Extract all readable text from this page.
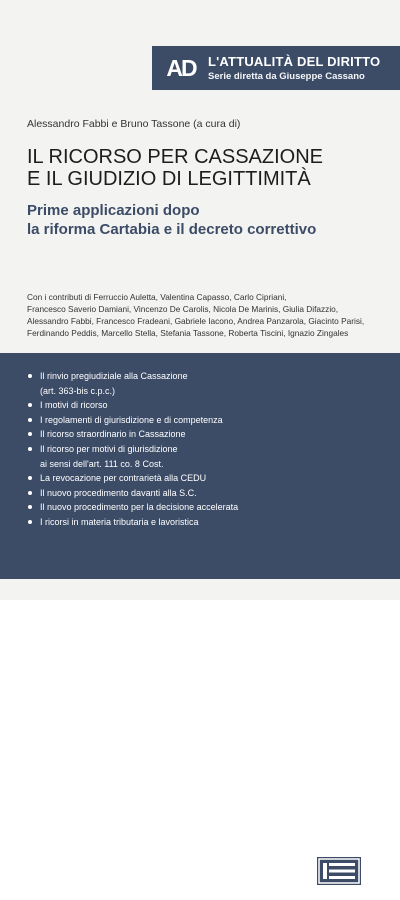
AD L'ATTUALITÀ DEL DIRITTO
Serie diretta da Giuseppe Cassano
Alessandro Fabbi e Bruno Tassone (a cura di)
IL RICORSO PER CASSAZIONE
E IL GIUDIZIO DI LEGITTIMITÀ
Prime applicazioni dopo
la riforma Cartabia e il decreto correttivo
Con i contributi di Ferruccio Auletta, Valentina Capasso, Carlo Cipriani,
Francesco Saverio Damiani, Vincenzo De Carolis, Nicola De Marinis, Giulia Difazzio,
Alessandro Fabbi, Francesco Fradeani, Gabriele Iacono, Andrea Panzarola, Giacinto Parisi,
Ferdinando Peddis, Marcello Stella, Stefania Tassone, Roberta Tiscini, Ignazio Zingales
Il rinvio pregiudiziale alla Cassazione
(art. 363-bis c.p.c.)
I motivi di ricorso
I regolamenti di giurisdizione e di competenza
Il ricorso straordinario in Cassazione
Il ricorso per motivi di giurisdizione
ai sensi dell'art. 111 co. 8 Cost.
La revocazione per contrarietà alla CEDU
Il nuovo procedimento davanti alla S.C.
Il nuovo procedimento per la decisione accelerata
I ricorsi in materia tributaria e lavoristica
MAGGIOLI
EDITORE
